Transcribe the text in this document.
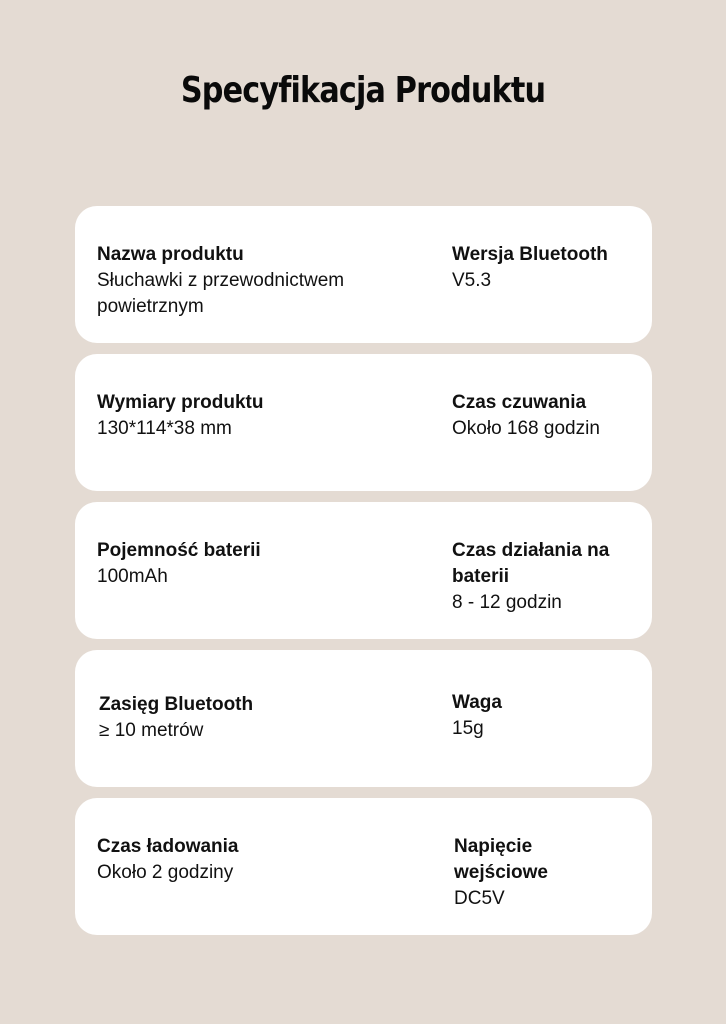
Specyfikacja Produktu
Nazwa produktu
Słuchawki z przewodnictwem powietrznym
Wersja Bluetooth
V5.3
Wymiary produktu
130*114*38 mm
Czas czuwania
Około 168 godzin
Pojemność baterii
100mAh
Czas działania na baterii
8 - 12 godzin
Zasięg Bluetooth
≥ 10 metrów
Waga
15g
Czas ładowania
Około 2 godziny
Napięcie wejściowe
DC5V
